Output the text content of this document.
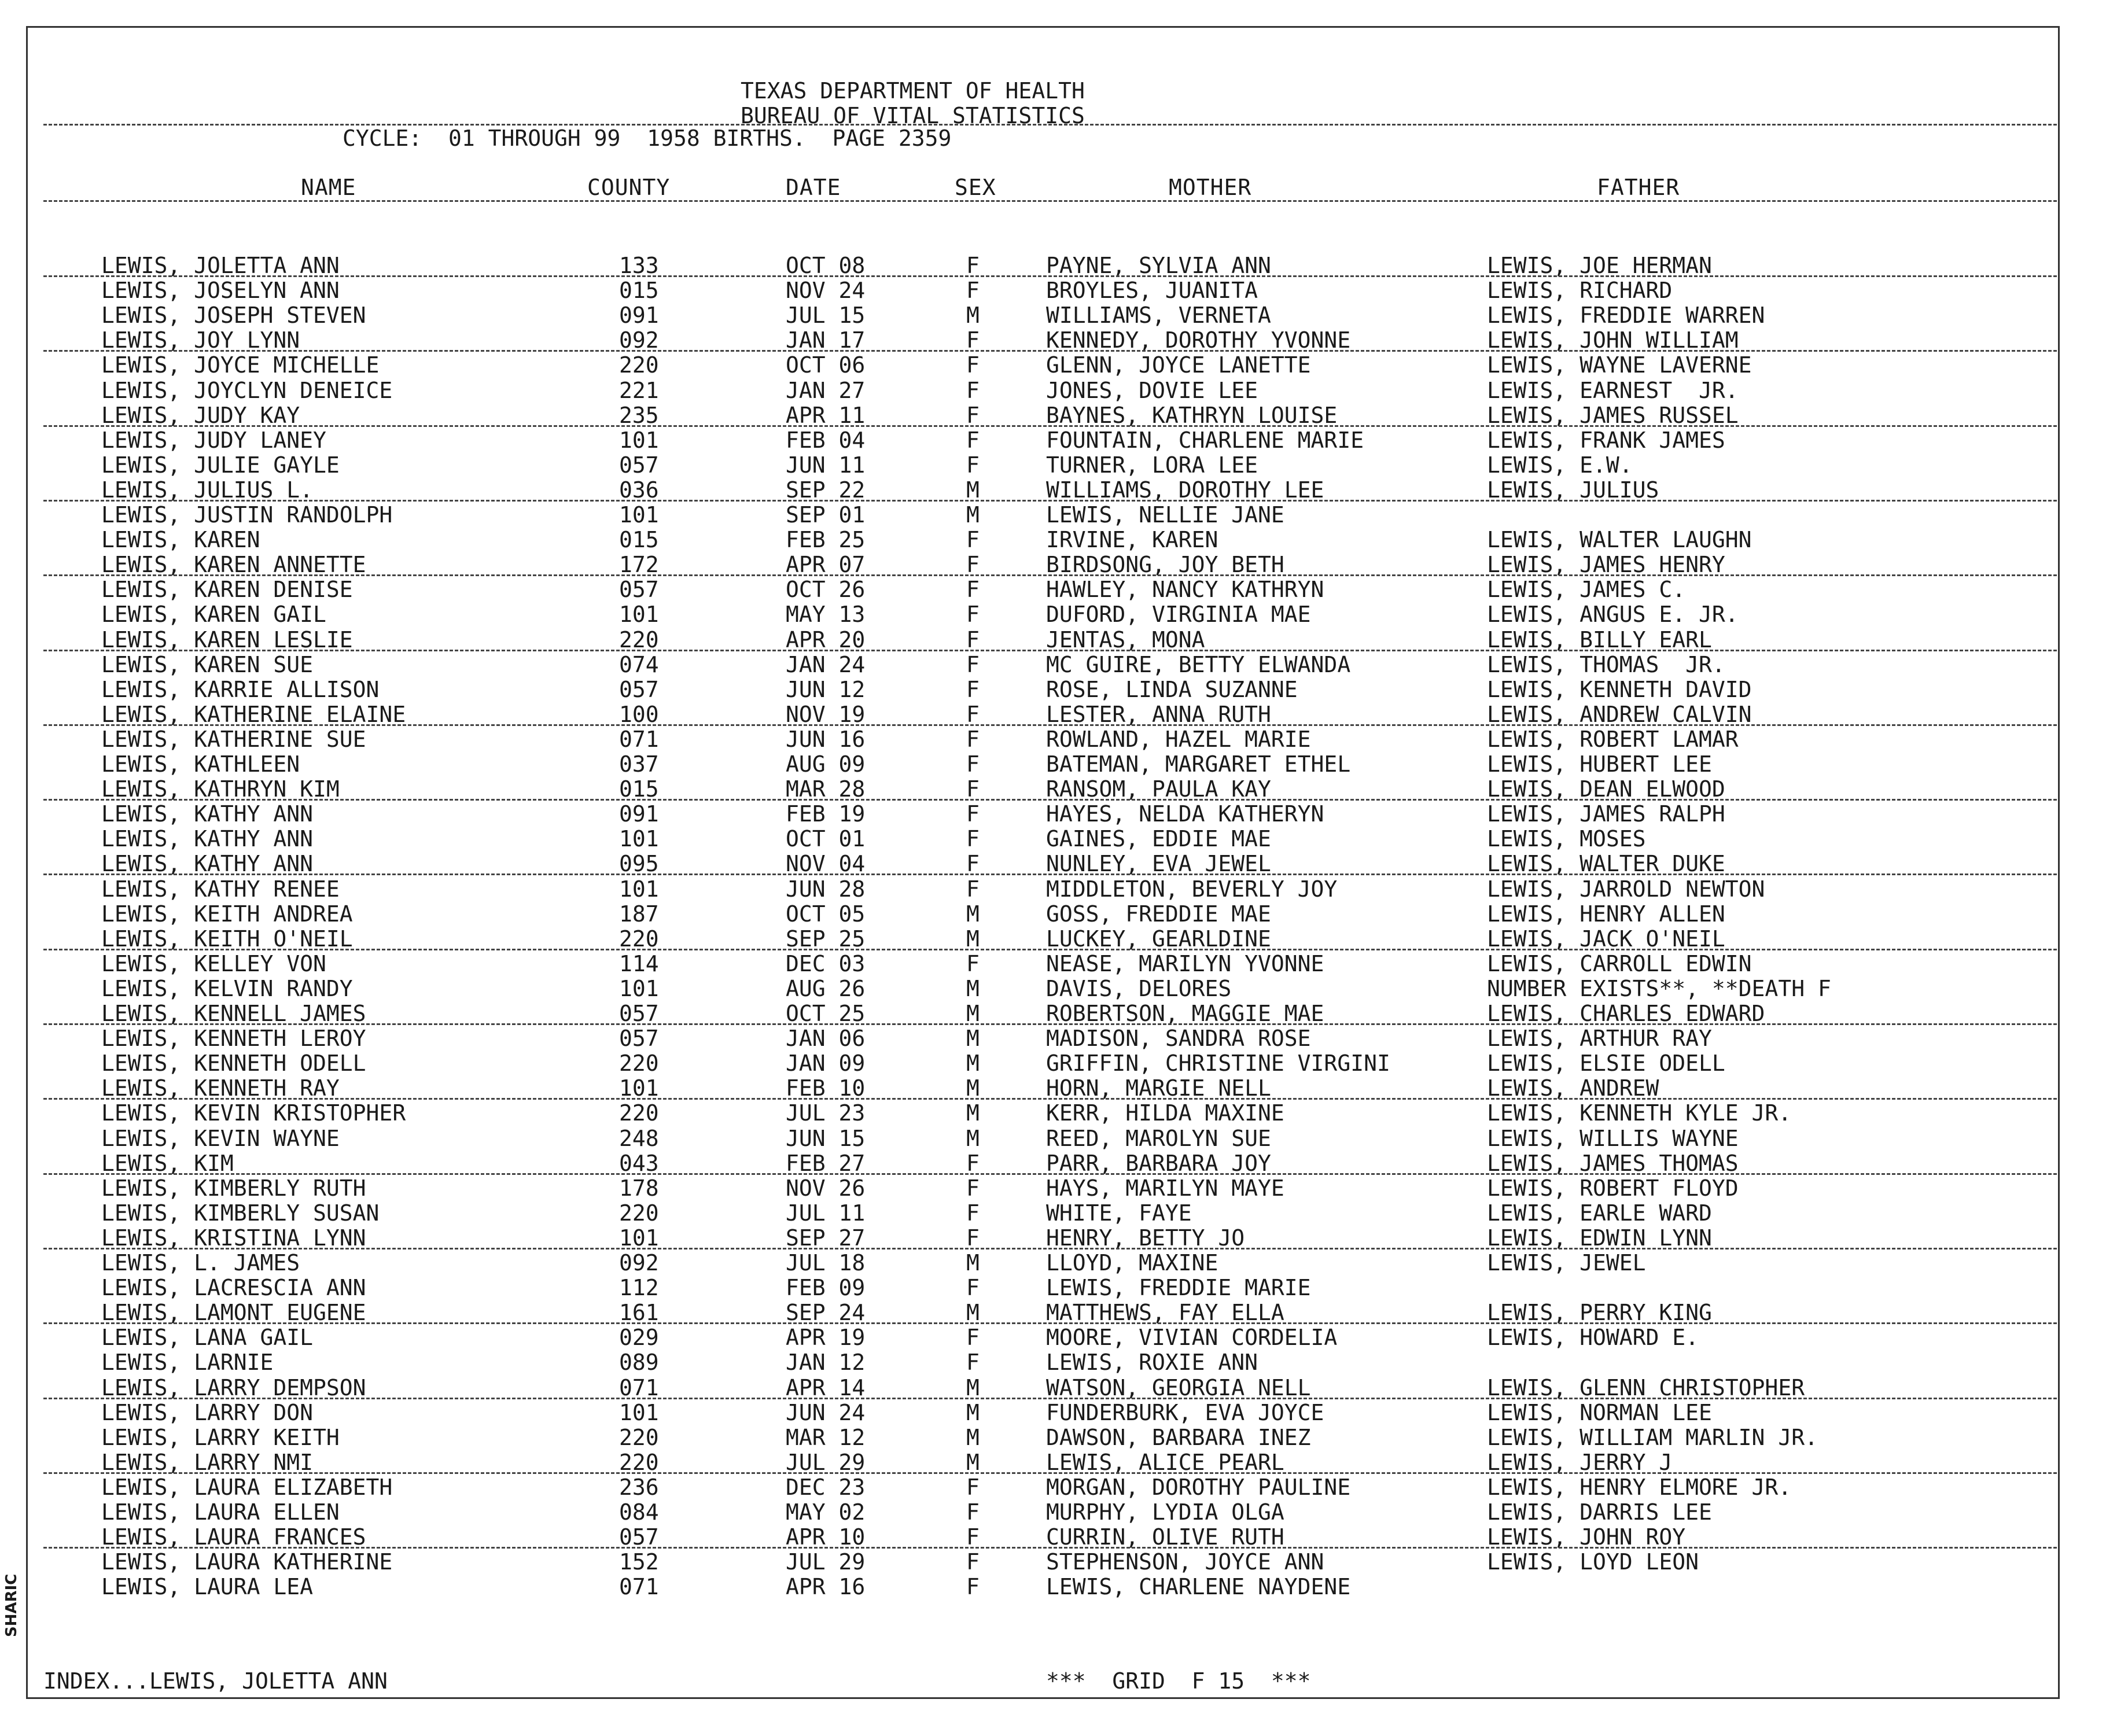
TEXAS DEPARTMENT OF HEALTH
BUREAU OF VITAL STATISTICS
CYCLE:  01 THROUGH 99  1958 BIRTHS.  PAGE 2359
NAME	COUNTY	DATE	SEX	MOTHER	FATHER
LEWIS, JOLETTA ANN	133	OCT 08	F	PAYNE, SYLVIA ANN	LEWIS, JOE HERMAN
LEWIS, JOSELYN ANN	015	NOV 24	F	BROYLES, JUANITA	LEWIS, RICHARD
LEWIS, JOSEPH STEVEN	091	JUL 15	M	WILLIAMS, VERNETA	LEWIS, FREDDIE WARREN
LEWIS, JOY LYNN	092	JAN 17	F	KENNEDY, DOROTHY YVONNE	LEWIS, JOHN WILLIAM
LEWIS, JOYCE MICHELLE	220	OCT 06	F	GLENN, JOYCE LANETTE	LEWIS, WAYNE LAVERNE
LEWIS, JOYCLYN DENEICE	221	JAN 27	F	JONES, DOVIE LEE	LEWIS, EARNEST  JR.
LEWIS, JUDY KAY	235	APR 11	F	BAYNES, KATHRYN LOUISE	LEWIS, JAMES RUSSEL
LEWIS, JUDY LANEY	101	FEB 04	F	FOUNTAIN, CHARLENE MARIE	LEWIS, FRANK JAMES
LEWIS, JULIE GAYLE	057	JUN 11	F	TURNER, LORA LEE	LEWIS, E.W.
LEWIS, JULIUS L.	036	SEP 22	M	WILLIAMS, DOROTHY LEE	LEWIS, JULIUS
LEWIS, JUSTIN RANDOLPH	101	SEP 01	M	LEWIS, NELLIE JANE
LEWIS, KAREN	015	FEB 25	F	IRVINE, KAREN	LEWIS, WALTER LAUGHN
LEWIS, KAREN ANNETTE	172	APR 07	F	BIRDSONG, JOY BETH	LEWIS, JAMES HENRY
LEWIS, KAREN DENISE	057	OCT 26	F	HAWLEY, NANCY KATHRYN	LEWIS, JAMES C.
LEWIS, KAREN GAIL	101	MAY 13	F	DUFORD, VIRGINIA MAE	LEWIS, ANGUS E. JR.
LEWIS, KAREN LESLIE	220	APR 20	F	JENTAS, MONA	LEWIS, BILLY EARL
LEWIS, KAREN SUE	074	JAN 24	F	MC GUIRE, BETTY ELWANDA	LEWIS, THOMAS  JR.
LEWIS, KARRIE ALLISON	057	JUN 12	F	ROSE, LINDA SUZANNE	LEWIS, KENNETH DAVID
LEWIS, KATHERINE ELAINE	100	NOV 19	F	LESTER, ANNA RUTH	LEWIS, ANDREW CALVIN
LEWIS, KATHERINE SUE	071	JUN 16	F	ROWLAND, HAZEL MARIE	LEWIS, ROBERT LAMAR
LEWIS, KATHLEEN	037	AUG 09	F	BATEMAN, MARGARET ETHEL	LEWIS, HUBERT LEE
LEWIS, KATHRYN KIM	015	MAR 28	F	RANSOM, PAULA KAY	LEWIS, DEAN ELWOOD
LEWIS, KATHY ANN	091	FEB 19	F	HAYES, NELDA KATHERYN	LEWIS, JAMES RALPH
LEWIS, KATHY ANN	101	OCT 01	F	GAINES, EDDIE MAE	LEWIS, MOSES
LEWIS, KATHY ANN	095	NOV 04	F	NUNLEY, EVA JEWEL	LEWIS, WALTER DUKE
LEWIS, KATHY RENEE	101	JUN 28	F	MIDDLETON, BEVERLY JOY	LEWIS, JARROLD NEWTON
LEWIS, KEITH ANDREA	187	OCT 05	M	GOSS, FREDDIE MAE	LEWIS, HENRY ALLEN
LEWIS, KEITH O'NEIL	220	SEP 25	M	LUCKEY, GEARLDINE	LEWIS, JACK O'NEIL
LEWIS, KELLEY VON	114	DEC 03	F	NEASE, MARILYN YVONNE	LEWIS, CARROLL EDWIN
LEWIS, KELVIN RANDY	101	AUG 26	M	DAVIS, DELORES	NUMBER EXISTS**, **DEATH F
LEWIS, KENNELL JAMES	057	OCT 25	M	ROBERTSON, MAGGIE MAE	LEWIS, CHARLES EDWARD
LEWIS, KENNETH LEROY	057	JAN 06	M	MADISON, SANDRA ROSE	LEWIS, ARTHUR RAY
LEWIS, KENNETH ODELL	220	JAN 09	M	GRIFFIN, CHRISTINE VIRGINI	LEWIS, ELSIE ODELL
LEWIS, KENNETH RAY	101	FEB 10	M	HORN, MARGIE NELL	LEWIS, ANDREW
LEWIS, KEVIN KRISTOPHER	220	JUL 23	M	KERR, HILDA MAXINE	LEWIS, KENNETH KYLE JR.
LEWIS, KEVIN WAYNE	248	JUN 15	M	REED, MAROLYN SUE	LEWIS, WILLIS WAYNE
LEWIS, KIM	043	FEB 27	F	PARR, BARBARA JOY	LEWIS, JAMES THOMAS
LEWIS, KIMBERLY RUTH	178	NOV 26	F	HAYS, MARILYN MAYE	LEWIS, ROBERT FLOYD
LEWIS, KIMBERLY SUSAN	220	JUL 11	F	WHITE, FAYE	LEWIS, EARLE WARD
LEWIS, KRISTINA LYNN	101	SEP 27	F	HENRY, BETTY JO	LEWIS, EDWIN LYNN
LEWIS, L. JAMES	092	JUL 18	M	LLOYD, MAXINE	LEWIS, JEWEL
LEWIS, LACRESCIA ANN	112	FEB 09	F	LEWIS, FREDDIE MARIE
LEWIS, LAMONT EUGENE	161	SEP 24	M	MATTHEWS, FAY ELLA	LEWIS, PERRY KING
LEWIS, LANA GAIL	029	APR 19	F	MOORE, VIVIAN CORDELIA	LEWIS, HOWARD E.
LEWIS, LARNIE	089	JAN 12	F	LEWIS, ROXIE ANN
LEWIS, LARRY DEMPSON	071	APR 14	M	WATSON, GEORGIA NELL	LEWIS, GLENN CHRISTOPHER
LEWIS, LARRY DON	101	JUN 24	M	FUNDERBURK, EVA JOYCE	LEWIS, NORMAN LEE
LEWIS, LARRY KEITH	220	MAR 12	M	DAWSON, BARBARA INEZ	LEWIS, WILLIAM MARLIN JR.
LEWIS, LARRY NMI	220	JUL 29	M	LEWIS, ALICE PEARL	LEWIS, JERRY J
LEWIS, LAURA ELIZABETH	236	DEC 23	F	MORGAN, DOROTHY PAULINE	LEWIS, HENRY ELMORE JR.
LEWIS, LAURA ELLEN	084	MAY 02	F	MURPHY, LYDIA OLGA	LEWIS, DARRIS LEE
LEWIS, LAURA FRANCES	057	APR 10	F	CURRIN, OLIVE RUTH	LEWIS, JOHN ROY
LEWIS, LAURA KATHERINE	152	JUL 29	F	STEPHENSON, JOYCE ANN	LEWIS, LOYD LEON
LEWIS, LAURA LEA	071	APR 16	F	LEWIS, CHARLENE NAYDENE
INDEX...LEWIS, JOLETTA ANN	***  GRID  F 15  ***
SHARIC
